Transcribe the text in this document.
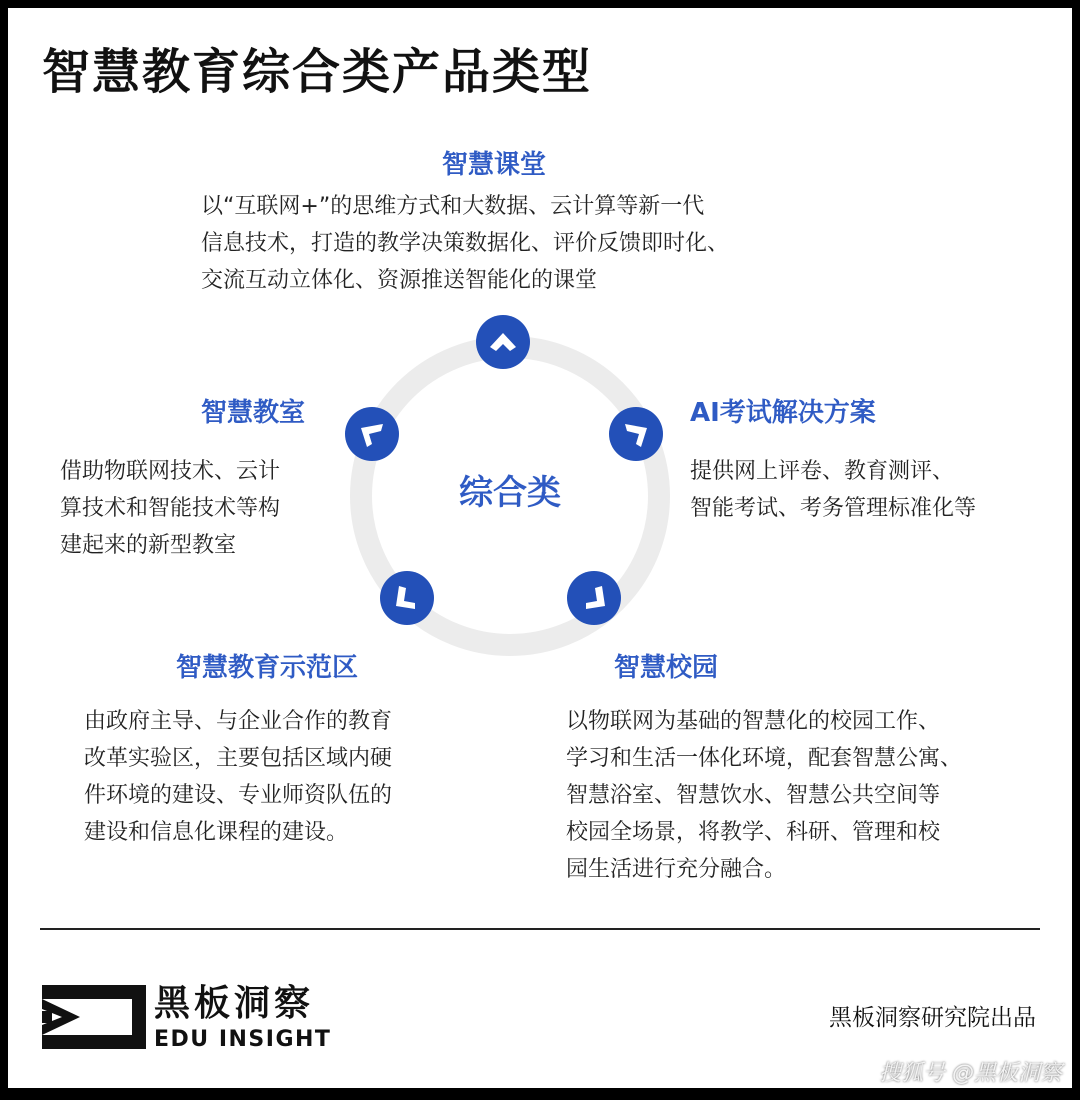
智慧教育综合类产品类型
智慧课堂
以“互联网+”的思维方式和大数据、云计算等新一代
信息技术，打造的教学决策数据化、评价反馈即时化、
交流互动立体化、资源推送智能化的课堂
智慧教室
借助物联网技术、云计
算技术和智能技术等构
建起来的新型教室
AI考试解决方案
提供网上评卷、教育测评、
智能考试、考务管理标准化等
综合类
智慧教育示范区
由政府主导、与企业合作的教育
改革实验区，主要包括区域内硬
件环境的建设、专业师资队伍的
建设和信息化课程的建设。
智慧校园
以物联网为基础的智慧化的校园工作、
学习和生活一体化环境，配套智慧公寓、
智慧浴室、智慧饮水、智慧公共空间等
校园全场景，将教学、科研、管理和校
园生活进行充分融合。
黑板洞察
EDU INSIGHT
黑板洞察研究院出品
搜狐号 @黑板洞察
